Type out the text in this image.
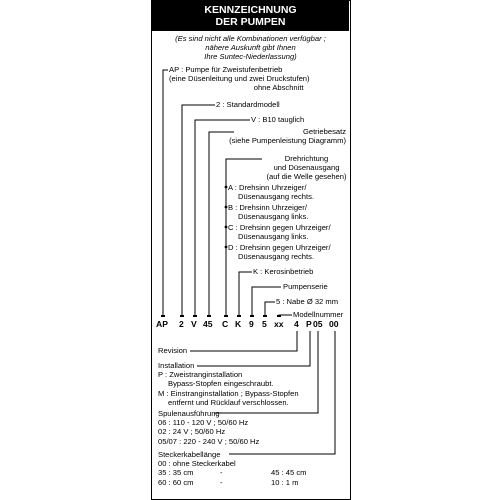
KENNZEICHNUNG
DER PUMPEN
(Es sind nicht alle Kombinationen verfügbar ;
nähere Auskunft gibt Ihnen
Ihre Suntec-Niederlassung)
AP : Pumpe für Zweistufenbetrieb
(eine Düsenleitung und zwei Druckstufen)
ohne Abschnitt
2 : Standardmodell
V : B10 tauglich
Getriebesatz
(siehe Pumpenleistung Diagramm)
Drehrichtung
und Düsenausgang
(auf die Welle gesehen)
A : Drehsinn Uhrzeiger/
Düsenausgang rechts.
B : Drehsinn Uhrzeiger/
Düsenausgang links.
C : Drehsinn gegen Uhrzeiger/
Düsenausgang links.
D : Drehsinn gegen Uhrzeiger/
Düsenausgang rechts.
K : Kerosinbetrieb
Pumpenserie
5 : Nabe Ø 32 mm
Modellnummer
AP 2 V 45 C K 9 5 xx 4 P 05 00
Revision
Installation
P : Zweistranginstallation
Bypass-Stopfen eingeschraubt.
M : Einstranginstallation ; Bypass-Stopfen
entfernt und Rücklauf verschlossen.
Spulenausführung
06 : 110 - 120 V ; 50/60 Hz
02 : 24 V ; 50/60 Hz
05/07 : 220 - 240 V ; 50/60 Hz
Steckerkabellänge
00 : ohne Steckerkabel
35 : 35 cm	-	45 : 45 cm
60 : 60 cm	-	10 : 1 m
